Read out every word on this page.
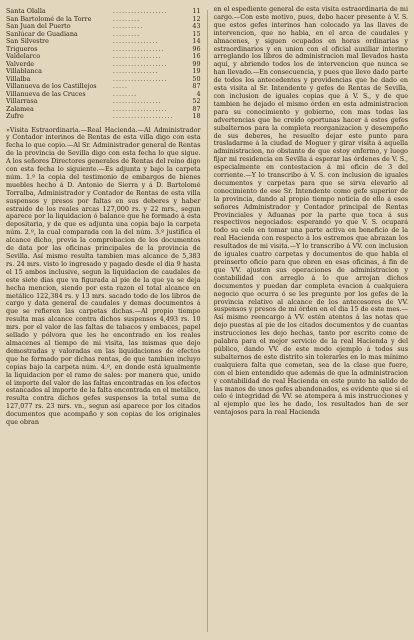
Santa Olalla	..................	11
San Bartolomé de la Torre	.........	12
San Juan del Puerto	..........	43
Sanlúcar de Guadiana	.........	15
San Silvestre	...............	14
Trigueros	.................	96
Valdelarco	................	16
Valverde	..................	99
Villablanca	...............	19
Villalba	..................	50
Villanueva de los Castillejos	.....	87
Villanueva de las Cruces	........	4
Villarrasa	................	52
Zalamea	..................	87
Zufre	....................	18

»Visita Estraordinaria.—Real Hacienda.—Al Administrador y Contador interinos de Rentas de esta villa digo con esta fecha lo que copio.—Al Sr. Administrador general de Rentas de la provincia de Sevilla digo con esta fecha lo que sigue. A los señores Directores generales de Rentas del reino digo con esta fecha lo siguiente.—Es adjunta y bajo la carpeta núm. 1.º la copia del testimonio de embargos de bienes muebles hecho á D. Antonio de Sierra y á D. Bartolomé Torralba, Administrador y Contador de Rentas de esta villa suspensos y presos por faltas en sus deberes y haber estraido de los reales arcas 127,000 rs. y 22 mrs., segun aparece por la liquidacion ó balance que he formado á esta depositaria, y de que es adjunta una copia bajo la carpeta núm. 2.º, la cual comparada con la del núm. 3.º justifica el alcance dicho, previa la comprobacion de los documentos de data por las oficinas principales de la provincia de Sevilla. Así mismo resulta tambien mas alcance de 5,383 rs. 24 mrs. visto lo ingresado y pagado desde el dia 9 hasta el 15 ambos inclusive, segun la liquidacion de caudales de este siete dias que va figurada al pie de la que ya se deja hecha mencion, siendo por esta razon el total alcance en metálico 122,384 rs. y 13 mrs. sacado todo de los libros de cargo y data general de caudales y demas documentos á que se refieren las carpetas dichas.—Al propio tiempo resulta mas alcance contra dichos suspensos 4,493 rs. 10 mrs. por el valor de las faltas de tabacos y embaces, papel sellado y pólvora que les he encontrado en los reales almacenes al tiempo de mi visita, las mismas que dejo demostradas y valoradas en las liquidaciones de efectos que he formado por dichas rentas, de que tambien incluyo copias bajo la carpeta núm. 4.º, en donde está igualmente la liquidacion por el ramo de sales: por manera que, unido el importe del valor de las faltas encontradas en los efectos estancados al importe de la falta encontrada en el metálico, resulta contra dichos gefes suspensos la total suma de 127,077 rs. 23 mrs. vn., segun así aparece por los citados documentos que acompaño y son copias de los originales que obran

en el espediente general de esta visita estraordinaria de mi cargo.—Con este motivo, pues, debo hacer presente á V. S. que estos gefes interinos han colocado ya las llaves de intervencion, que no habia, en el arca de caudales y almacenes, y siguen ocupados en horas ordinarias y estraordinarios y en union con el oficial auxiliar interino arreglando los libros de administracion mal llevados hasta aquí, y abriendo todos los de intervencion que nunca se han llevado.—En consecuencia, y pues que llevo dado parte de todos los antecedentes y providencias que he dado en esta visita al Sr. Intendente y gefes de Rentas de Sevilla, con inclusion de iguales copias que á V. S., y de que tambien he dejado el mismo órden en esta administracion para su conocimiento y gobierno, con mas todas las advertencias que he creido oportunas hacer á estos gefes subalternos para la completa reorganizacion y desempeño de sus deberes, he resuelto dejar este punto para trasladarme á la ciudad de Moguer y girar visita á aquella administracion, no obstante de que estoy enfermo, y luego fijar mi residencia en Sevilla á esperar las órdenes de V. S., especialmente en contestacion á mi oficio de 3 del corriente.—Y lo transcribo á V. S. con inclusion de iguales documentos y carpetas para que se sirva elevarlo al conocimiento de ese Sr. Intendente como gefe superior de la provincia, dando al propio tiempo noticia de ello á esos señores Administrador y Contador principal de Rentas Provinciales y Aduanas por la parte que toca á sus respectivos negociados: esperando yo que V. S. ocupará todo su celo en tomar una parte activa en beneficio de la real Hacienda con respecto á los estremos que abrazan los resultados de mi visita.—Y lo transcribo á VV. con inclusion de iguales cuatro carpetas y documentos de que habla el preinserto oficio para que obren en esas oficinas, á fin de que VV. ajusten sus operaciones de administracion y contabilidad con arreglo á lo que arrojan dichos documentos y puedan dar completa evacion á cualquiera negocio que ocurra ó se les pregunte por los gefes de la provincia relativo al alcance de los antecesores de VV. suspensos y presos de mi órden en el dia 15 de este mes.—Así mismo reencargo á VV. estén atentos á las notas que dejo puestas al pie de los citados documentos y de cuantas instrucciones les dejo hechas, tanto por escrito como de palabra para el mejor servicio de la real Hacienda y del público, dando VV. de este modo ejemplo á todos sus subalternos de este distrito sin tolerarles en lo mas mínimo cualquiera falta que cometan, sea de la clase que fuere, con el bien entendido que además de que la administracion y contabilidad de real Hacienda en este punto ha salido de las manos de unos gefes abandonados, es evidente que si el celo é integridad de VV. se atempera á mis instrucciones y al ejemplo que les he dado, los resultados han de ser ventajosos para la real Hacienda
